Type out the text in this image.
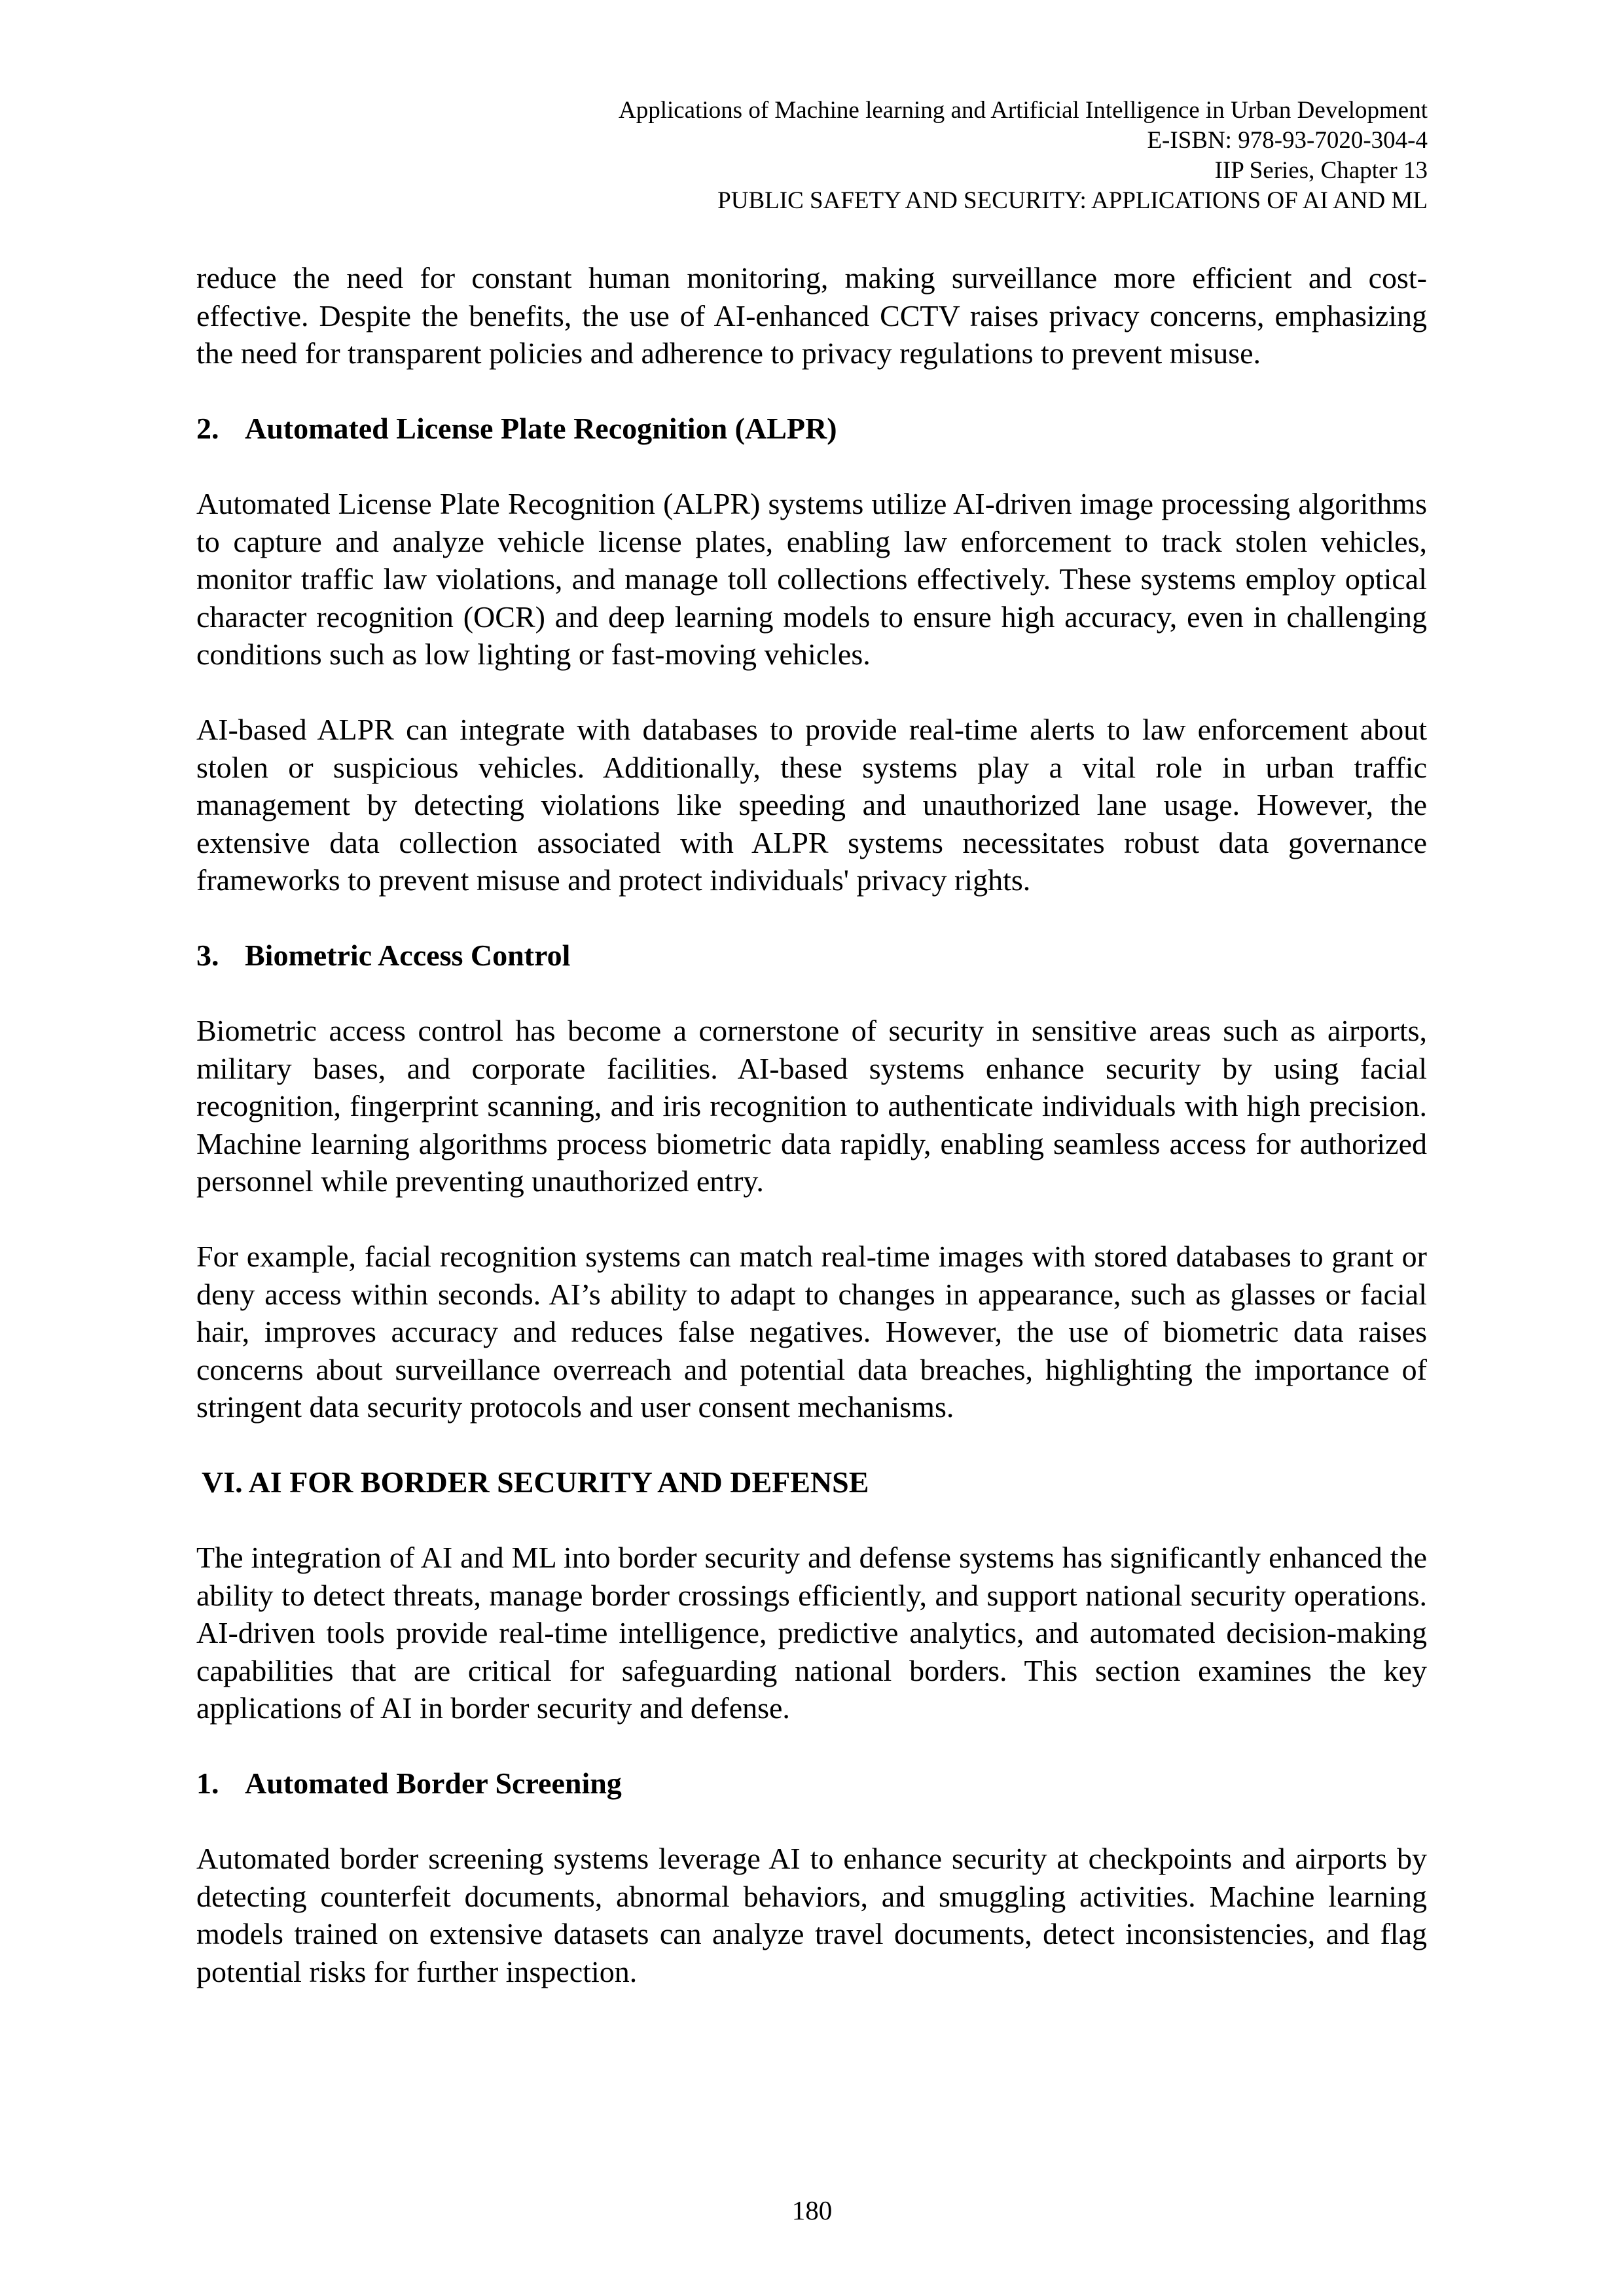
Applications of Machine learning and Artificial Intelligence in Urban Development
E-ISBN: 978-93-7020-304-4
IIP Series, Chapter 13
PUBLIC SAFETY AND SECURITY: APPLICATIONS OF AI AND ML

reduce the need for constant human monitoring, making surveillance more efficient and cost-effective. Despite the benefits, the use of AI-enhanced CCTV raises privacy concerns, emphasizing the need for transparent policies and adherence to privacy regulations to prevent misuse.

2. Automated License Plate Recognition (ALPR)

Automated License Plate Recognition (ALPR) systems utilize AI-driven image processing algorithms to capture and analyze vehicle license plates, enabling law enforcement to track stolen vehicles, monitor traffic law violations, and manage toll collections effectively. These systems employ optical character recognition (OCR) and deep learning models to ensure high accuracy, even in challenging conditions such as low lighting or fast-moving vehicles.

AI-based ALPR can integrate with databases to provide real-time alerts to law enforcement about stolen or suspicious vehicles. Additionally, these systems play a vital role in urban traffic management by detecting violations like speeding and unauthorized lane usage. However, the extensive data collection associated with ALPR systems necessitates robust data governance frameworks to prevent misuse and protect individuals' privacy rights.

3. Biometric Access Control

Biometric access control has become a cornerstone of security in sensitive areas such as airports, military bases, and corporate facilities. AI-based systems enhance security by using facial recognition, fingerprint scanning, and iris recognition to authenticate individuals with high precision. Machine learning algorithms process biometric data rapidly, enabling seamless access for authorized personnel while preventing unauthorized entry.

For example, facial recognition systems can match real-time images with stored databases to grant or deny access within seconds. AI’s ability to adapt to changes in appearance, such as glasses or facial hair, improves accuracy and reduces false negatives. However, the use of biometric data raises concerns about surveillance overreach and potential data breaches, highlighting the importance of stringent data security protocols and user consent mechanisms.

VI. AI FOR BORDER SECURITY AND DEFENSE

The integration of AI and ML into border security and defense systems has significantly enhanced the ability to detect threats, manage border crossings efficiently, and support national security operations. AI-driven tools provide real-time intelligence, predictive analytics, and automated decision-making capabilities that are critical for safeguarding national borders. This section examines the key applications of AI in border security and defense.

1. Automated Border Screening

Automated border screening systems leverage AI to enhance security at checkpoints and airports by detecting counterfeit documents, abnormal behaviors, and smuggling activities. Machine learning models trained on extensive datasets can analyze travel documents, detect inconsistencies, and flag potential risks for further inspection.

180
